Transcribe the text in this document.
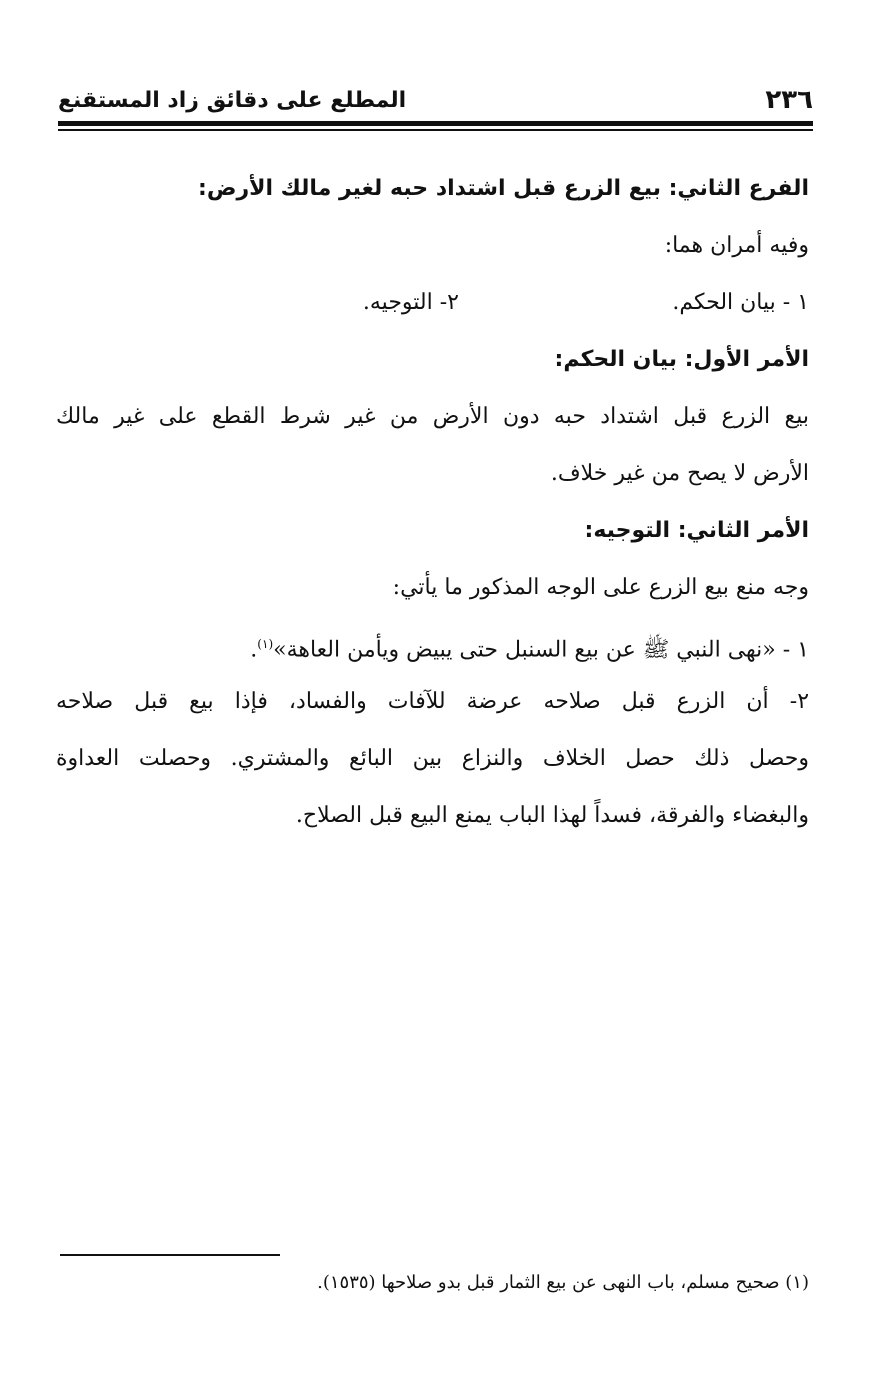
٢٣٦
المطلع على دقائق زاد المستقنع
الفرع الثاني: بيع الزرع قبل اشتداد حبه لغير مالك الأرض:
وفيه أمران هما:
١ - بيان الحكم.
٢- التوجيه.
الأمر الأول: بيان الحكم:
بيع الزرع قبل اشتداد حبه دون الأرض من غير شرط القطع على غير مالك
الأرض لا يصح من غير خلاف.
الأمر الثاني: التوجيه:
وجه منع بيع الزرع على الوجه المذكور ما يأتي:
١ - «نهى النبي ﷺ عن بيع السنبل حتى يبيض ويأمن العاهة»$^{(١)}$.
٢- أن الزرع قبل صلاحه عرضة للآفات والفساد، فإذا بيع قبل صلاحه
وحصل ذلك حصل الخلاف والنزاع بين البائع والمشتري. وحصلت العداوة
والبغضاء والفرقة، فسداً لهذا الباب يمنع البيع قبل الصلاح.
(١) صحيح مسلم، باب النهى عن بيع الثمار قبل بدو صلاحها (١٥٣٥).
